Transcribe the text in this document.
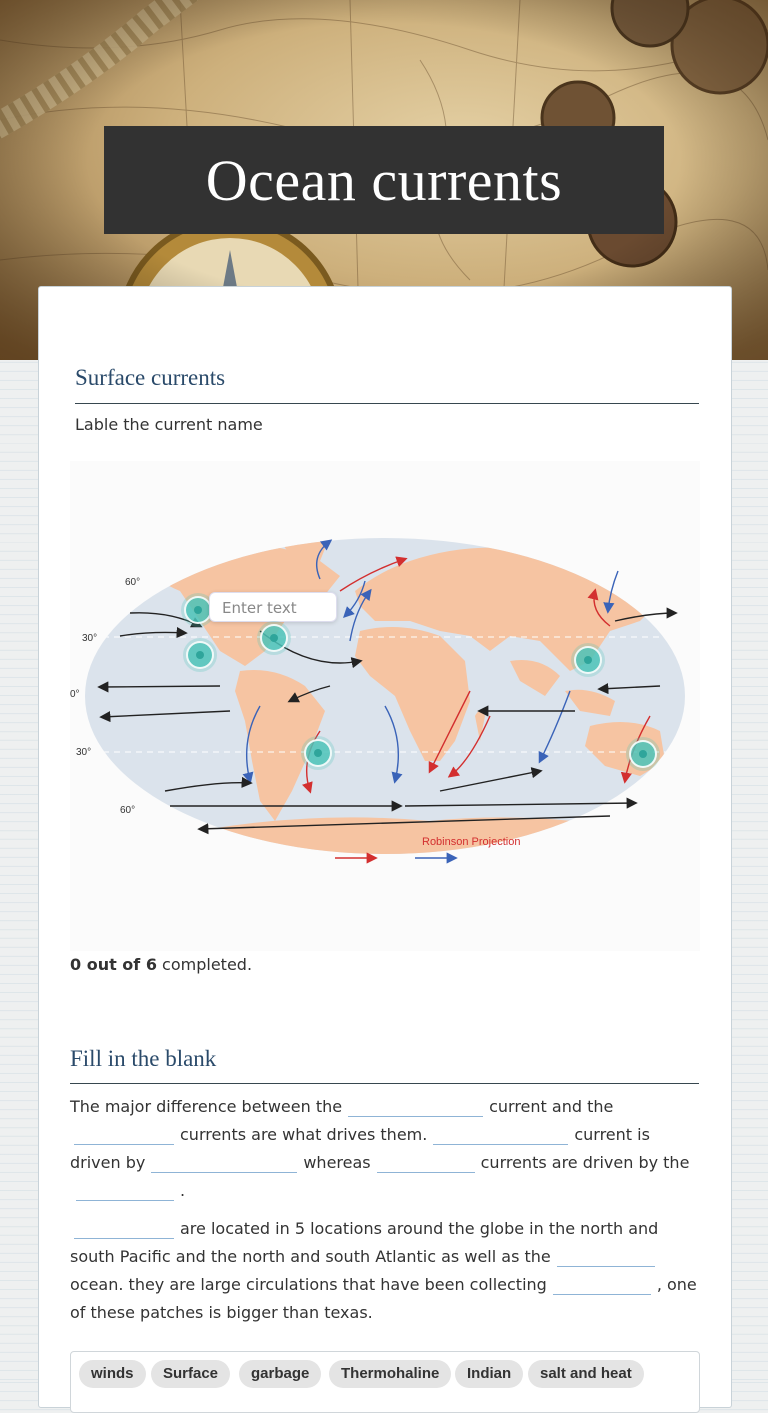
Ocean currents
Surface currents
Lable the current name
60°
30°
0°
30°
60°
Robinson Projection
Enter text
0 out of 6 completed.
Fill in the blank
The major difference between the	current and the currents are what drives them.	current is driven by	whereas	currents are driven by the.
are located in 5 locations around the globe in the north and south Pacific and the north and south Atlantic as well as theocean. they are large circulations that have been collecting	, one of these patches is bigger than texas.
winds	Surface	garbage	Thermohaline	Indian	salt and heat
